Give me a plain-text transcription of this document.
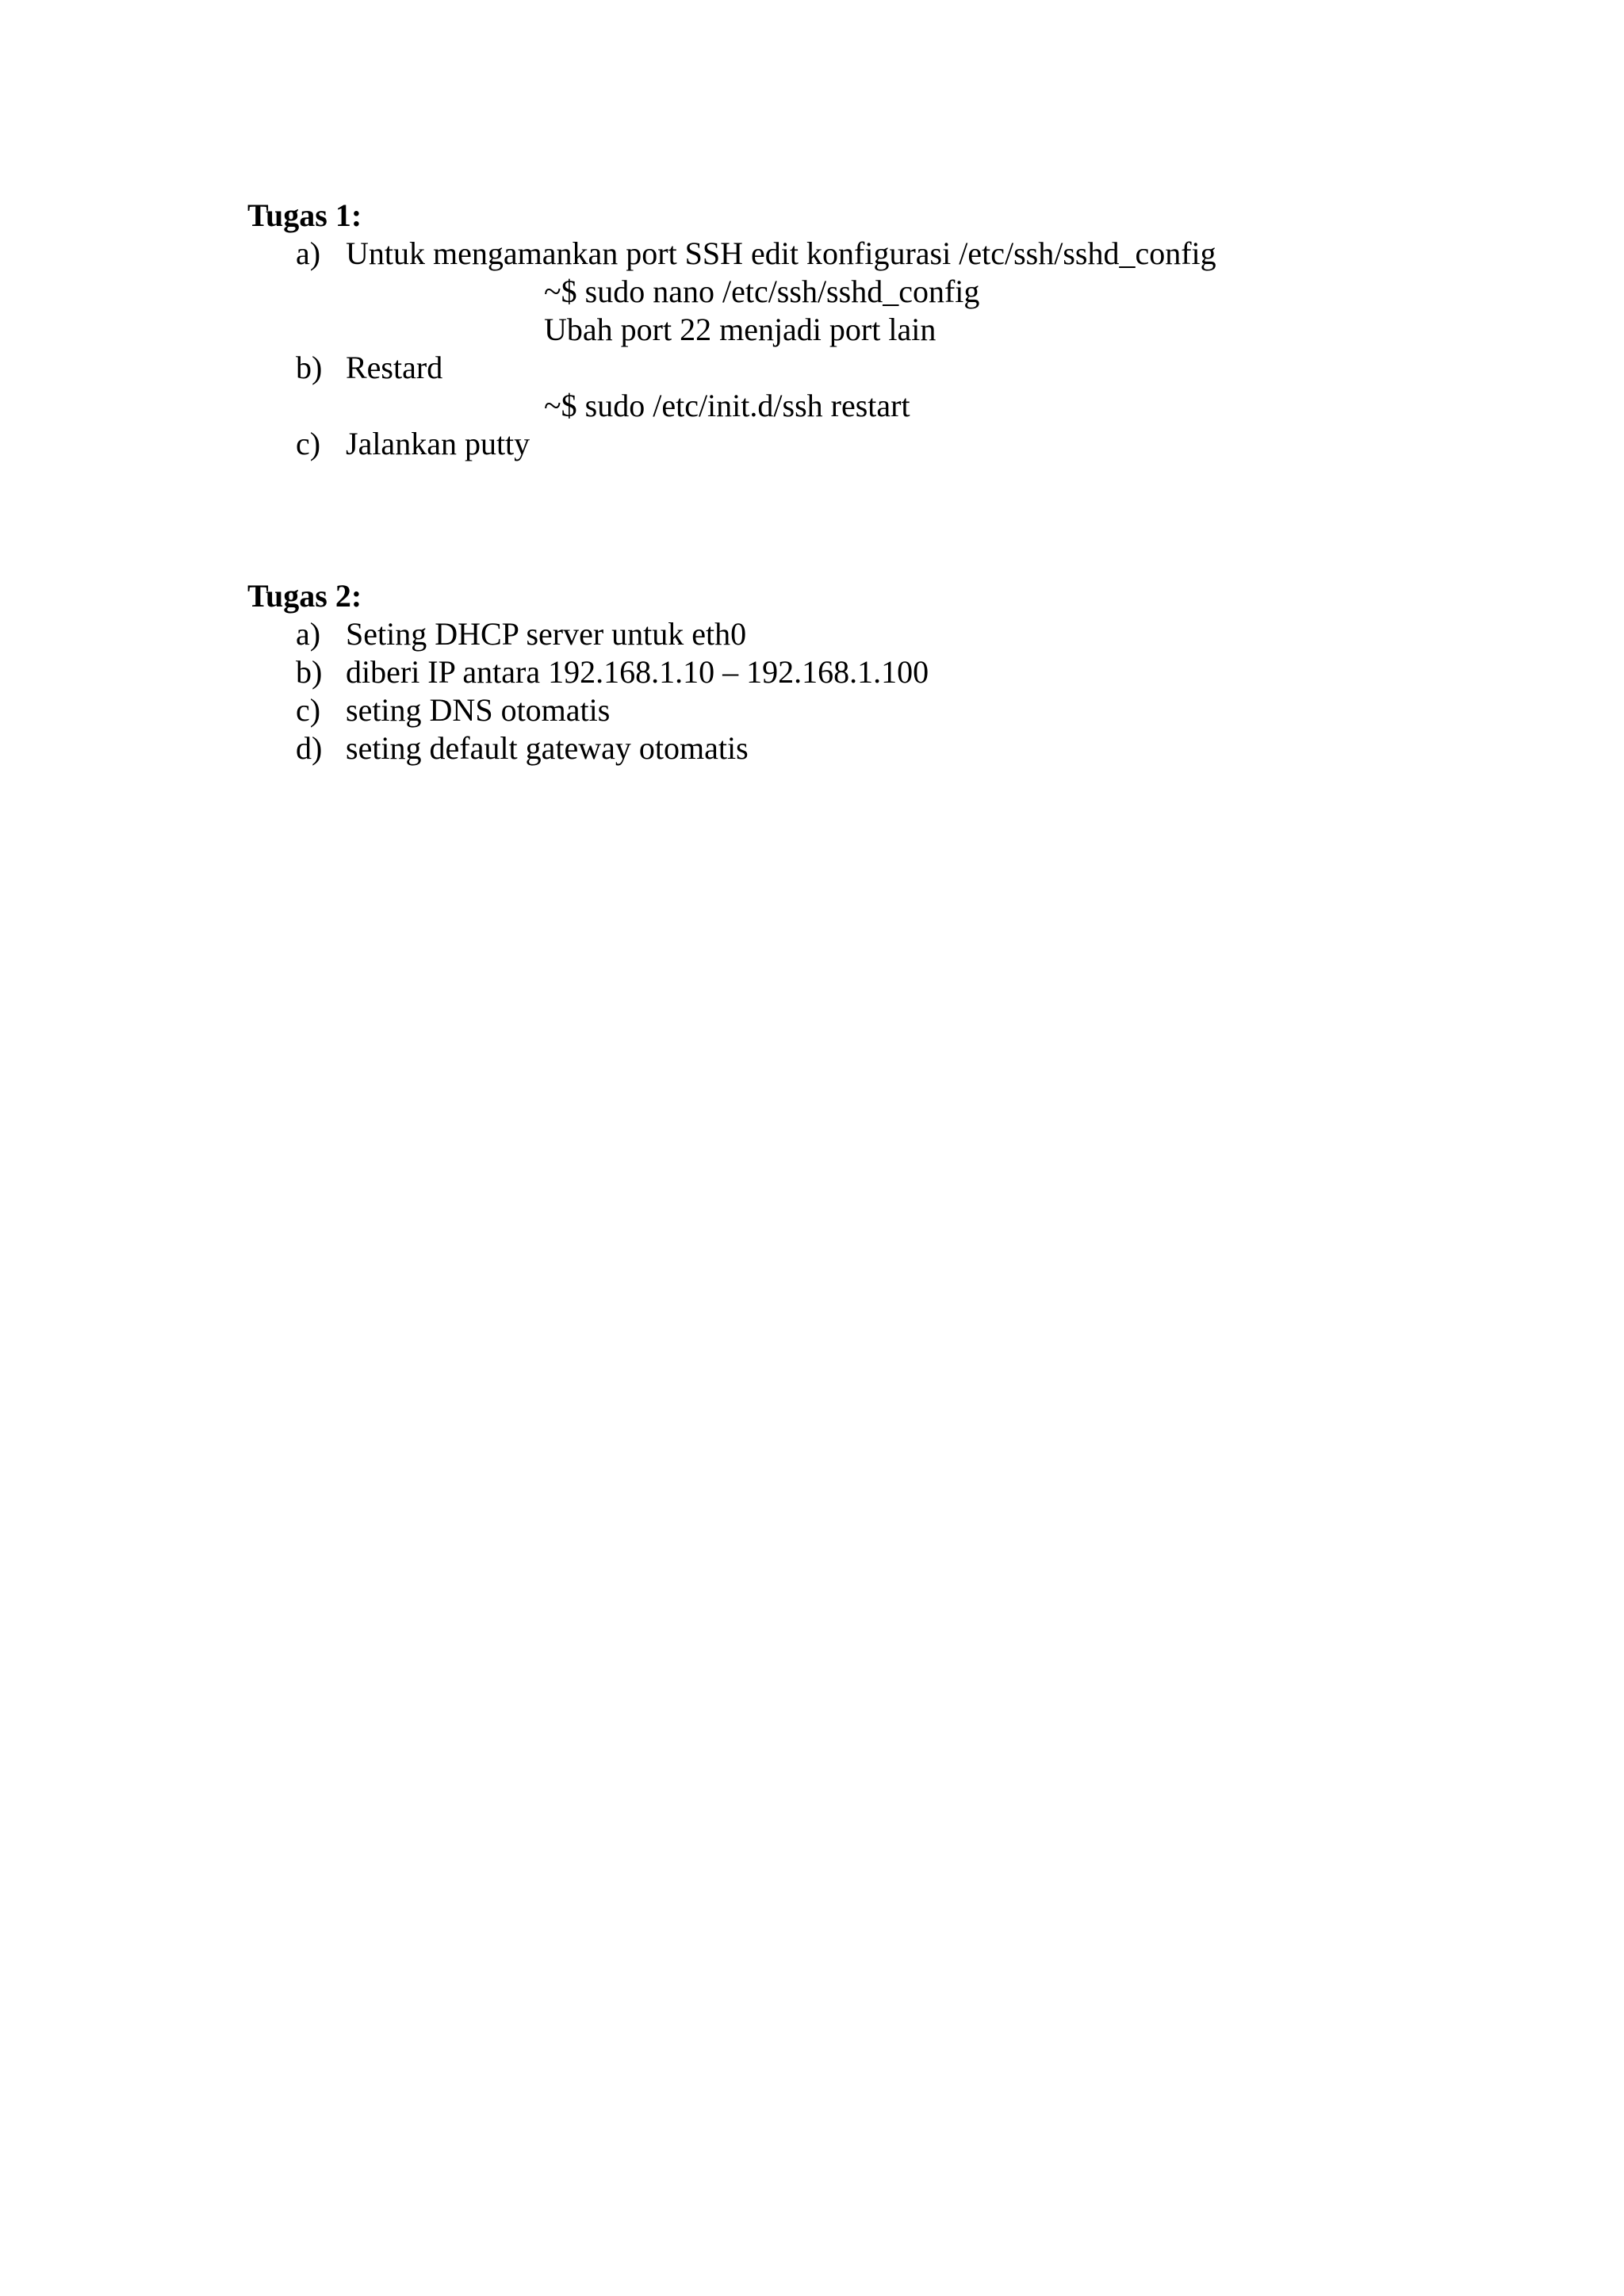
Tugas 1:
a) Untuk mengamankan port SSH edit konfigurasi /etc/ssh/sshd_config
~$ sudo nano /etc/ssh/sshd_config
Ubah port 22 menjadi port lain
b) Restard
~$ sudo /etc/init.d/ssh restart
c) Jalankan putty
Tugas 2:
a) Seting DHCP server untuk eth0
b) diberi IP antara 192.168.1.10 – 192.168.1.100
c) seting DNS otomatis
d) seting default gateway otomatis
